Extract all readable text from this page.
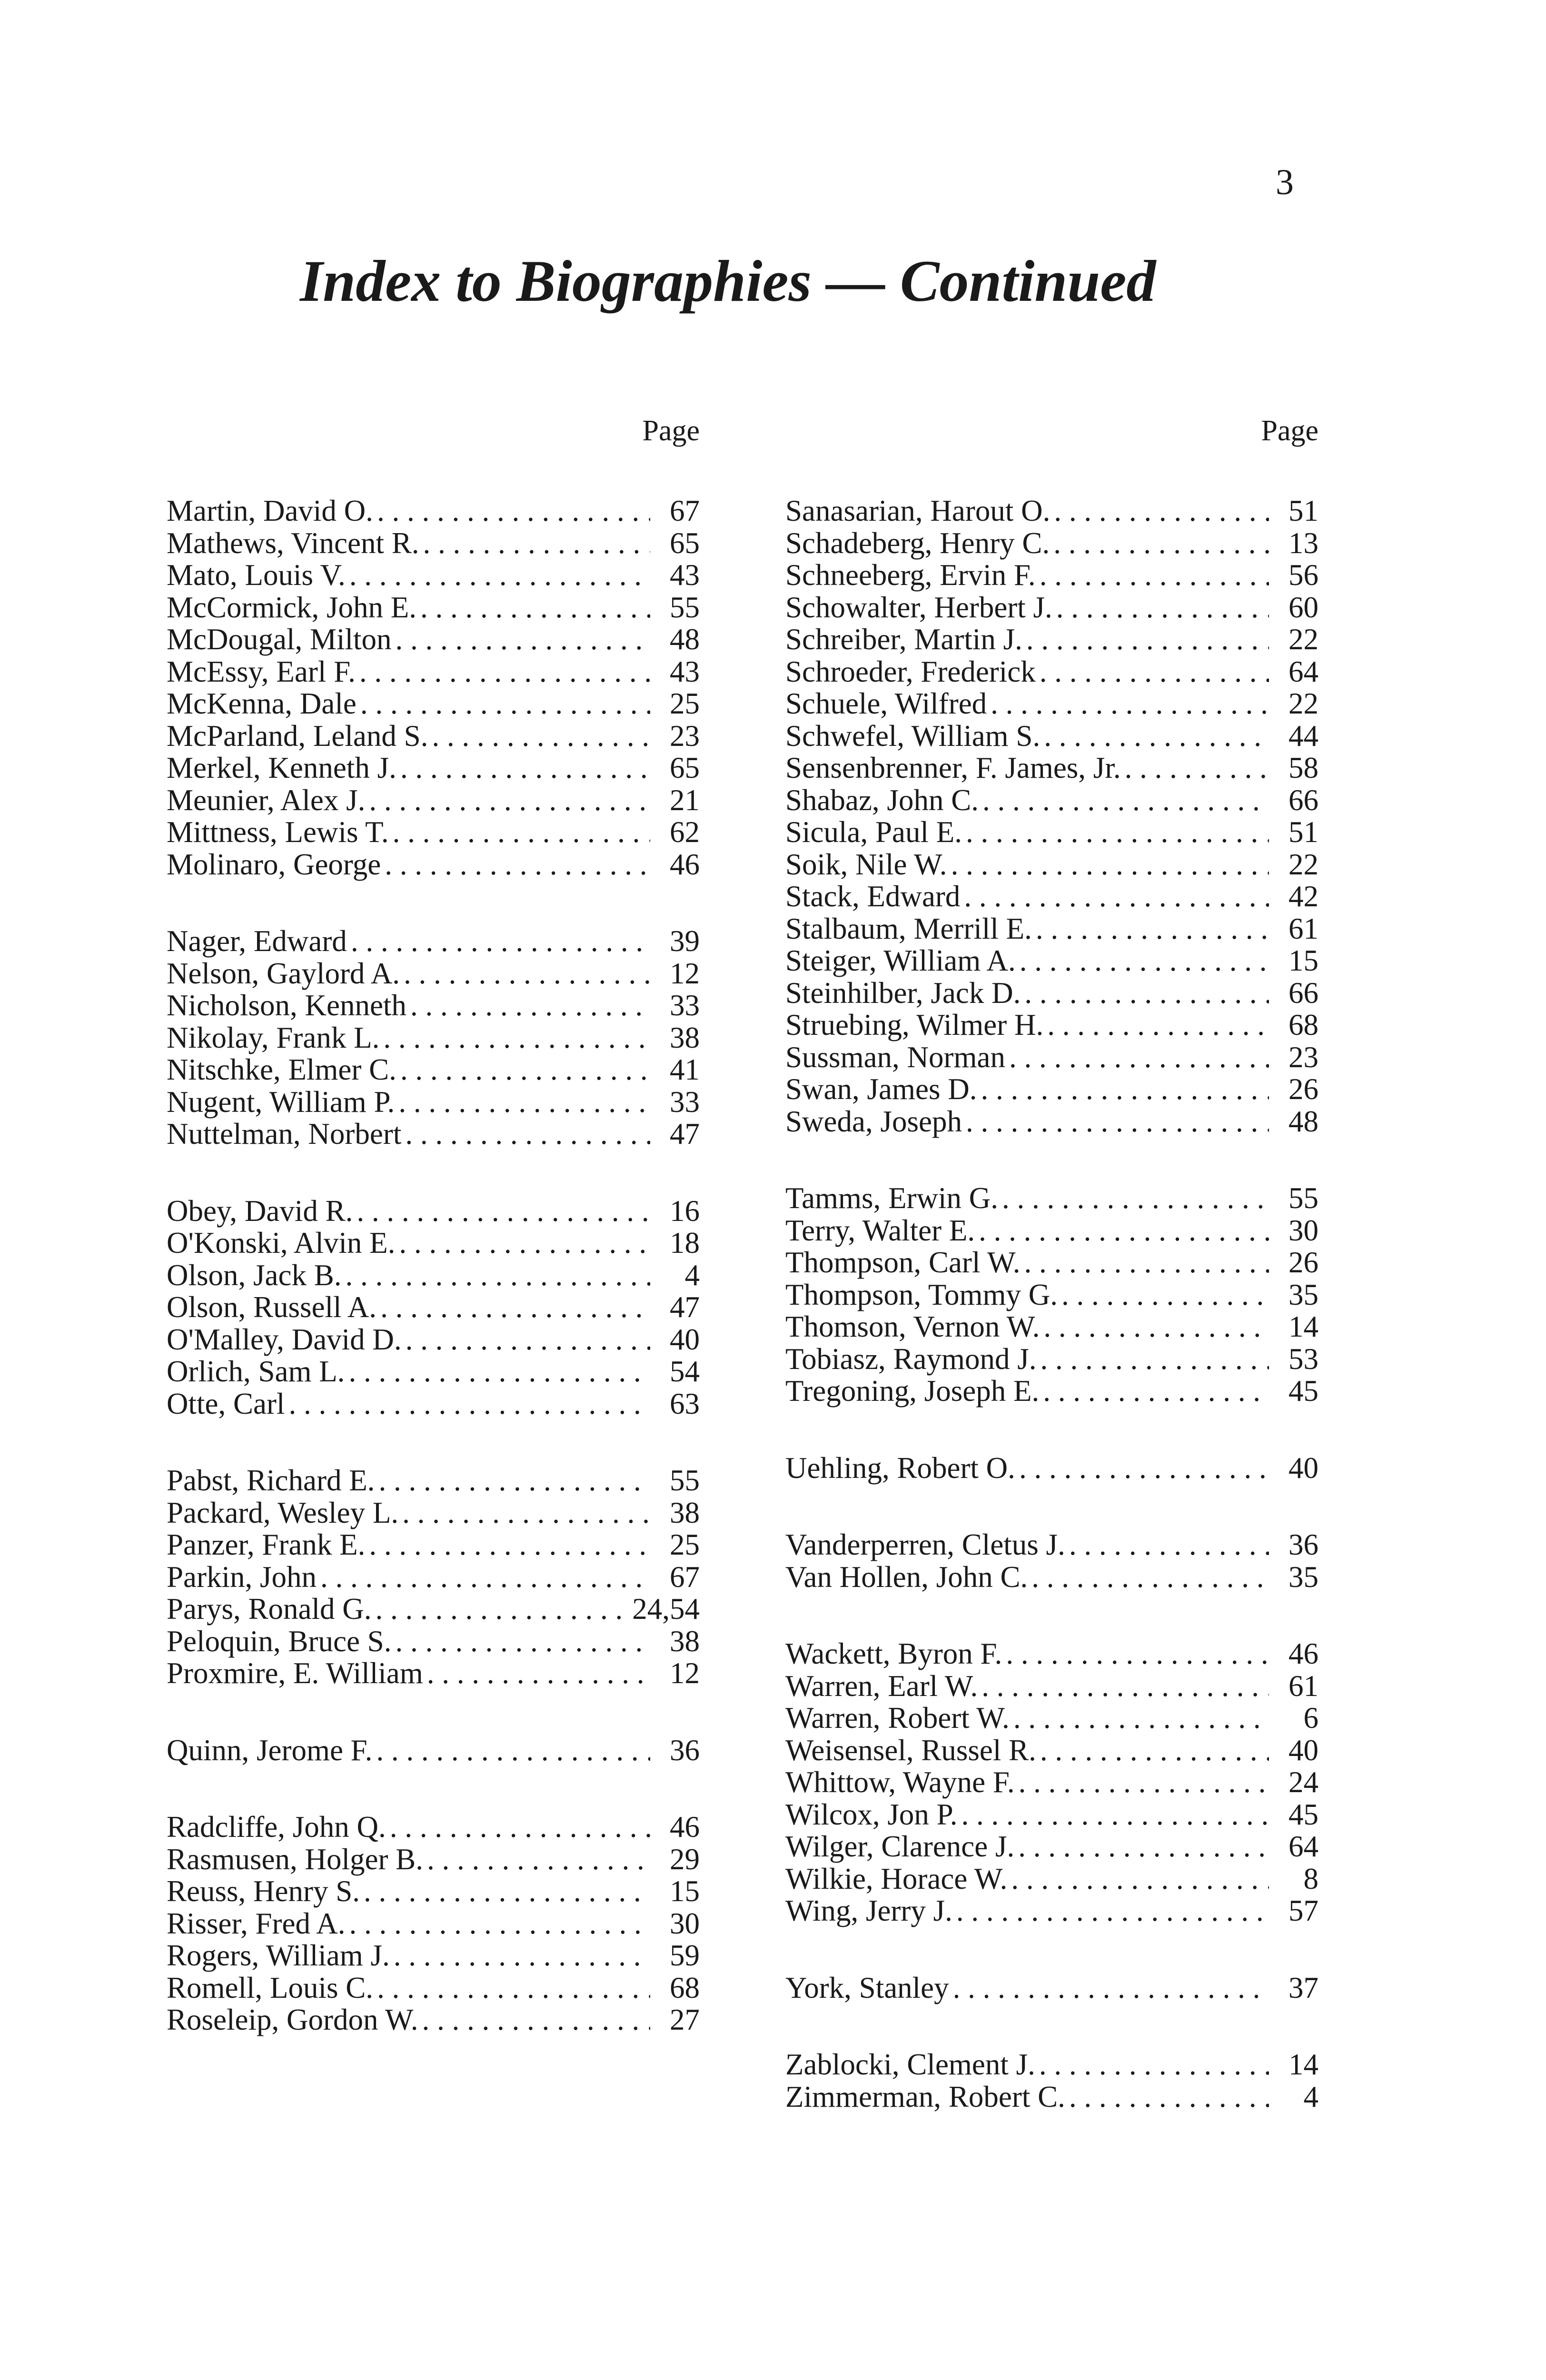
3
Index to Biographies — Continued
Page
Martin, David O. . . .	67
Mathews, Vincent R. . . .	65
Mato, Louis V. . . .	43
McCormick, John E. . . .	55
McDougal, Milton . . .	48
McEssy, Earl F. . . .	43
McKenna, Dale . . .	25
McParland, Leland S. . . .	23
Merkel, Kenneth J. . . .	65
Meunier, Alex J. . . .	21
Mittness, Lewis T. . . .	62
Molinaro, George . . .	46
Nager, Edward . . .	39
Nelson, Gaylord A. . . .	12
Nicholson, Kenneth . . .	33
Nikolay, Frank L. . . .	38
Nitschke, Elmer C. . . .	41
Nugent, William P. . . .	33
Nuttelman, Norbert . . .	47
Obey, David R. . . .	16
O'Konski, Alvin E. . . .	18
Olson, Jack B. . . .	4
Olson, Russell A. . . .	47
O'Malley, David D. . . .	40
Orlich, Sam L. . . .	54
Otte, Carl . . .	63
Pabst, Richard E. . . .	55
Packard, Wesley L. . . .	38
Panzer, Frank E. . . .	25
Parkin, John . . .	67
Parys, Ronald G. . . .	24,54
Peloquin, Bruce S. . . .	38
Proxmire, E. William . . .	12
Quinn, Jerome F. . . .	36
Radcliffe, John Q. . . .	46
Rasmusen, Holger B. . . .	29
Reuss, Henry S. . . .	15
Risser, Fred A. . . .	30
Rogers, William J. . . .	59
Romell, Louis C. . . .	68
Roseleip, Gordon W. . . .	27
Page
Sanasarian, Harout O. . . .	51
Schadeberg, Henry C. . . .	13
Schneeberg, Ervin F. . . .	56
Schowalter, Herbert J. . . .	60
Schreiber, Martin J. . . .	22
Schroeder, Frederick . . .	64
Schuele, Wilfred . . .	22
Schwefel, William S. . . .	44
Sensenbrenner, F. James, Jr. . . .	58
Shabaz, John C. . . .	66
Sicula, Paul E. . . .	51
Soik, Nile W. . . .	22
Stack, Edward . . .	42
Stalbaum, Merrill E. . . .	61
Steiger, William A. . . .	15
Steinhilber, Jack D. . . .	66
Struebing, Wilmer H. . . .	68
Sussman, Norman . . .	23
Swan, James D. . . .	26
Sweda, Joseph . . .	48
Tamms, Erwin G. . . .	55
Terry, Walter E. . . .	30
Thompson, Carl W. . . .	26
Thompson, Tommy G. . . .	35
Thomson, Vernon W. . . .	14
Tobiasz, Raymond J. . . .	53
Tregoning, Joseph E. . . .	45
Uehling, Robert O. . . .	40
Vanderperren, Cletus J. . . .	36
Van Hollen, John C. . . .	35
Wackett, Byron F. . . .	46
Warren, Earl W. . . .	61
Warren, Robert W. . . .	6
Weisensel, Russel R. . . .	40
Whittow, Wayne F. . . .	24
Wilcox, Jon P. . . .	45
Wilger, Clarence J. . . .	64
Wilkie, Horace W. . . .	8
Wing, Jerry J. . . .	57
York, Stanley . . .	37
Zablocki, Clement J. . . .	14
Zimmerman, Robert C. . . .	4
